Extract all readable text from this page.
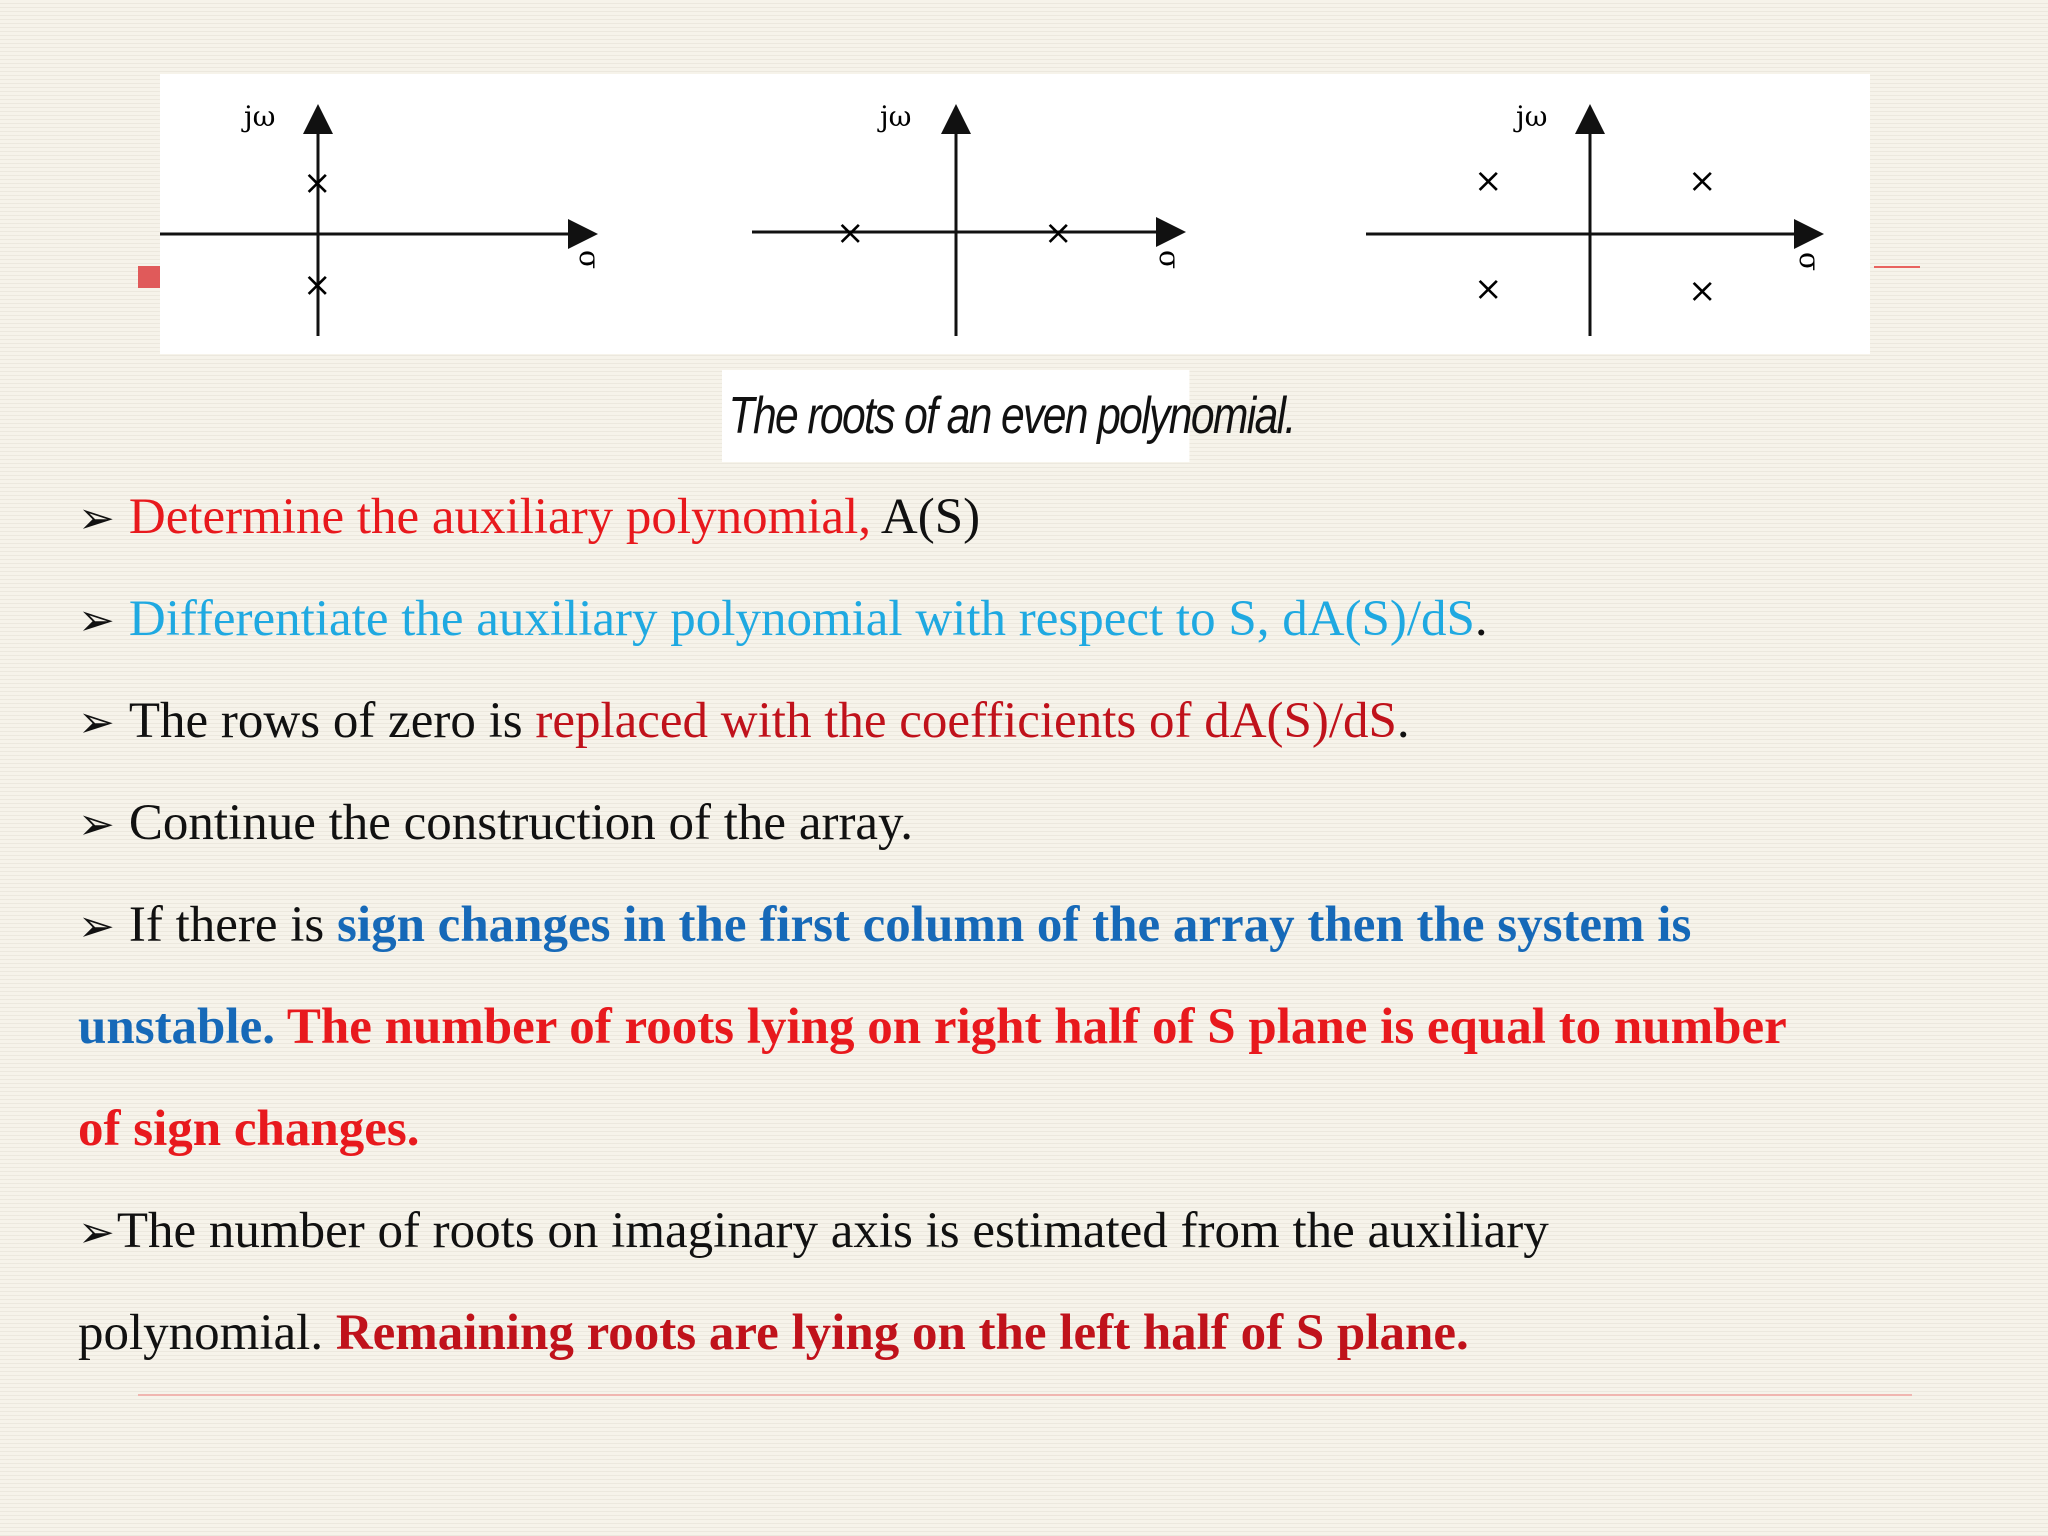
jω
σ
×
×
jω
σ
×	×
jω
σ
×	×
×	×
The roots of an even polynomial.
➢ Determine the auxiliary polynomial, A(S)
➢ Differentiate the auxiliary polynomial with respect to S, dA(S)/dS.
➢ The rows of zero is replaced with the coefficients of dA(S)/dS.
➢ Continue the construction of the array.
➢ If there is sign changes in the first column of the array then the system is
unstable. The number of roots lying on right half of S plane is equal to number
of sign changes.
➢The number of roots on imaginary axis is estimated from the auxiliary
polynomial. Remaining roots are lying on the left half of S plane.
